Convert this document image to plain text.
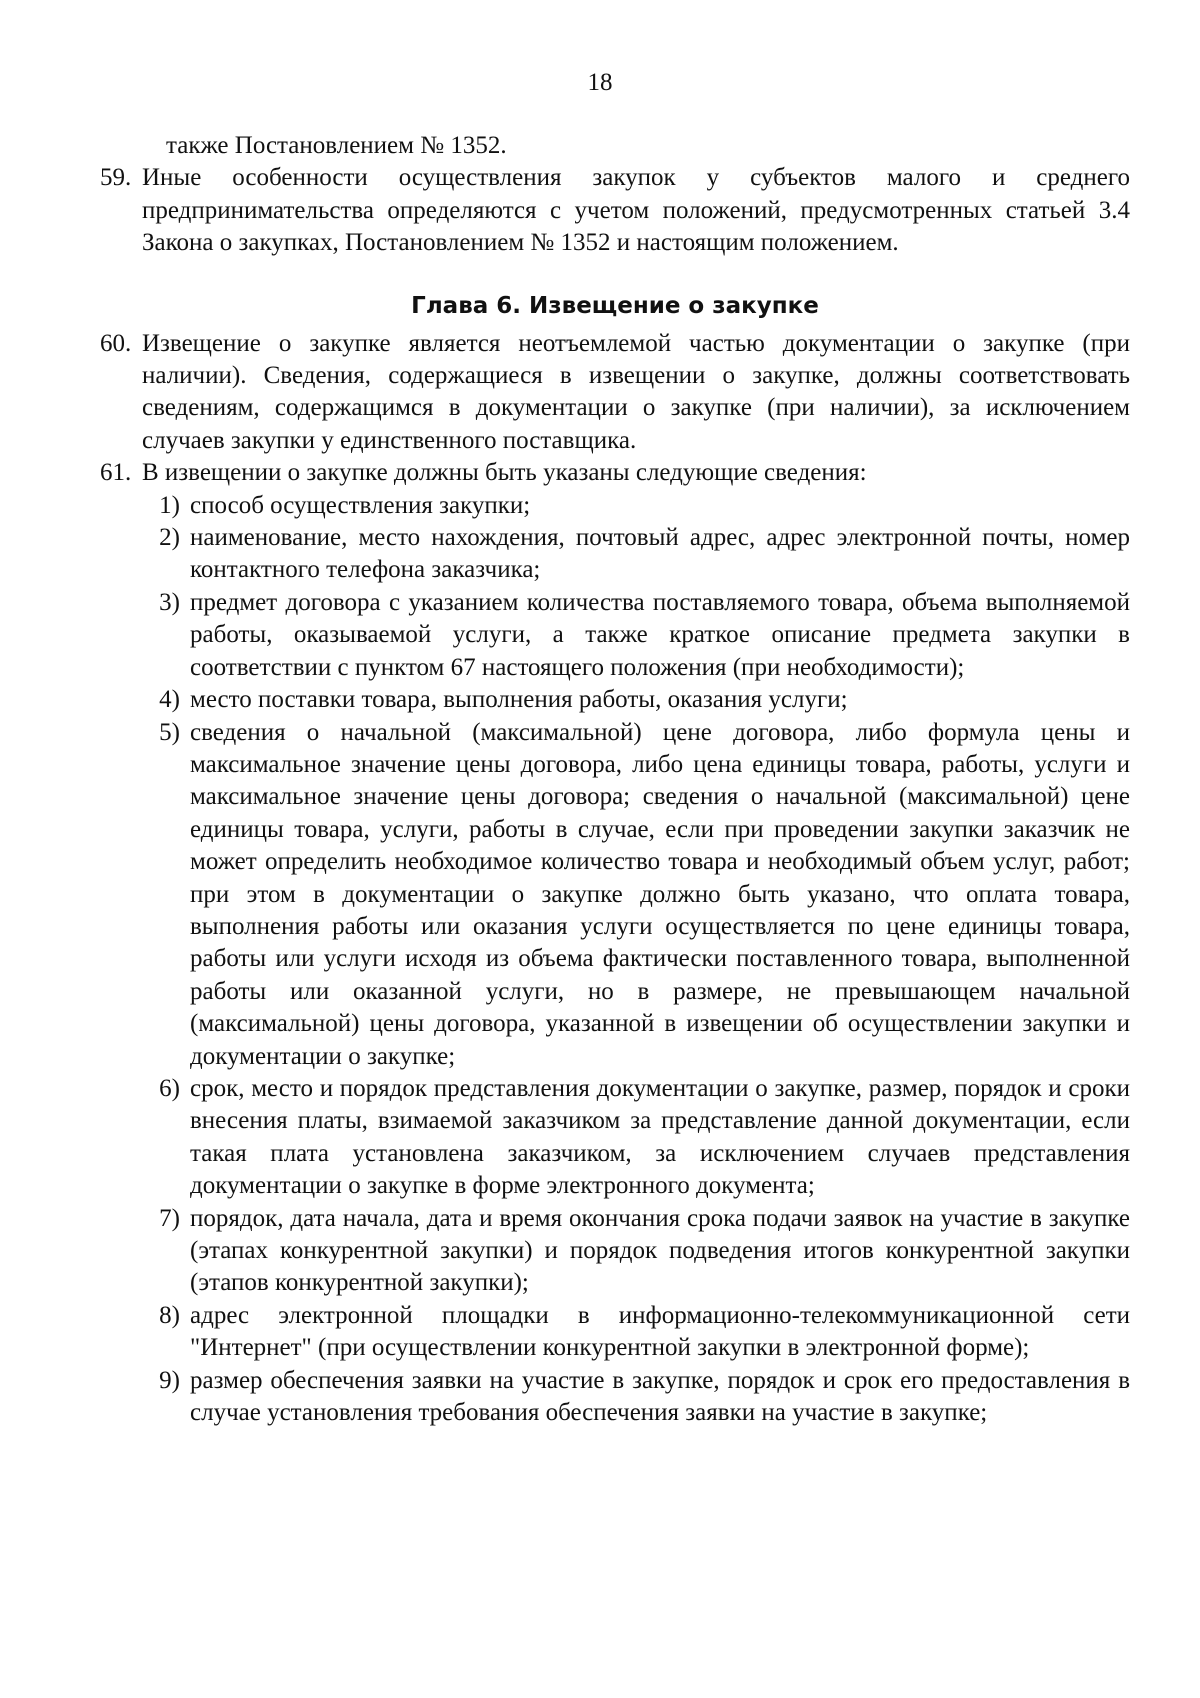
18

также Постановлением № 1352.

59. Иные особенности осуществления закупок у субъектов малого и среднего предпринимательства определяются с учетом положений, предусмотренных статьей 3.4 Закона о закупках, Постановлением № 1352 и настоящим положением.
Глава 6. Извещение о закупке
60. Извещение о закупке является неотъемлемой частью документации о закупке (при наличии). Сведения, содержащиеся в извещении о закупке, должны соответствовать сведениям, содержащимся в документации о закупке (при наличии), за исключением случаев закупки у единственного поставщика.
61. В извещении о закупке должны быть указаны следующие сведения:
1) способ осуществления закупки;
2) наименование, место нахождения, почтовый адрес, адрес электронной почты, номер контактного телефона заказчика;
3) предмет договора с указанием количества поставляемого товара, объема выполняемой работы, оказываемой услуги, а также краткое описание предмета закупки в соответствии с пунктом 67 настоящего положения (при необходимости);
4) место поставки товара, выполнения работы, оказания услуги;
5) сведения о начальной (максимальной) цене договора, либо формула цены и максимальное значение цены договора, либо цена единицы товара, работы, услуги и максимальное значение цены договора; сведения о начальной (максимальной) цене единицы товара, услуги, работы в случае, если при проведении закупки заказчик не может определить необходимое количество товара и необходимый объем услуг, работ; при этом в документации о закупке должно быть указано, что оплата товара, выполнения работы или оказания услуги осуществляется по цене единицы товара, работы или услуги исходя из объема фактически поставленного товара, выполненной работы или оказанной услуги, но в размере, не превышающем начальной (максимальной) цены договора, указанной в извещении об осуществлении закупки и документации о закупке;
6) срок, место и порядок представления документации о закупке, размер, порядок и сроки внесения платы, взимаемой заказчиком за представление данной документации, если такая плата установлена заказчиком, за исключением случаев представления документации о закупке в форме электронного документа;
7) порядок, дата начала, дата и время окончания срока подачи заявок на участие в закупке (этапах конкурентной закупки) и порядок подведения итогов конкурентной закупки (этапов конкурентной закупки);
8) адрес электронной площадки в информационно-телекоммуникационной сети "Интернет" (при осуществлении конкурентной закупки в электронной форме);
9) размер обеспечения заявки на участие в закупке, порядок и срок его предоставления в случае установления требования обеспечения заявки на участие в закупке;
